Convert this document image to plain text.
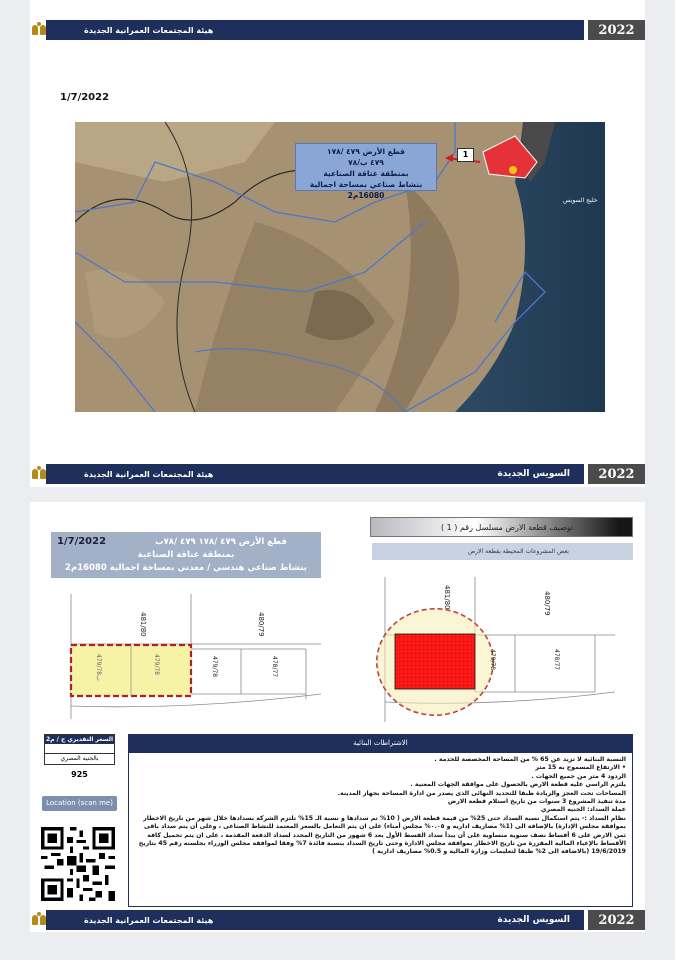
هيئة المجتمعات العمرانية الجديدة	2022
1/7/2022
خليج السويس
قطع الأرض ٤٧٩ /١٧٨
٤٧٩ ب/٧٨
بمنطقة عتاقة الصناعية
بنشاط صناعي بمساحة اجمالية 16080م2
1
هيئة المجتمعات العمرانية الجديدة	السويس الجديدة	2022
1/7/2022	قطع الأرض ٤٧٩ /١٧٨ ٤٧٩ /٧٨ب
بمنطقة عتاقة الصناعية
بنشاط صناعي هندسي / معدني بمساحة اجمالية 16080م2
توصيف قطعة الارض مسلسل رقم ( 1 )
بعض المشروعات المحيطة بقطعة الارض
481/80	480/79
479/78	478/77
479/78ب
479/78
481/80	480/79
479/78	478/77
السعر التقديري ج / م2
بالجنيه المصري
925
Location (scan me)
الاشتراطات البنائية

النسبة البنائية لا تزيد عن 65 % من المساحة المخصصة للخدمة .

• الارتفاع المسموح به 15 متر

الردود 4 متر من جميع الجهات .

يلتزم الراسي عليه قطعة الارض بالحصول على موافقة الجهات المعنية .

المساحات تحت العجز والزيادة طبقا للتحديد النهائى الذى يصدر من ادارة المساحة بجهاز المدينة.

مدة تنفيذ المشروع 3 سنوات من تاريخ استلام قطعة الارض

عملة السداد: الجنيه المصري

نظام السداد :- يتم استكمال نسبة السداد حتى 25% من قيمة قطعة الارض ( 10% تم سدادها و نسبة الـ 15% تلتزم الشركة بسدادها خلال شهر من تاريخ الاخطار بموافقة مجلس الإدارة) بالإضافة الى (1% مصاريف اداريه و ٠.٠٥% مجلس أمناء) على ان يتم التعامل بالسعر المعتمد للنشاط الصناعى ، وعلى أن يتم سداد باقى ثمن الارض على 6 أقساط نصف سنوية متساوية على أن يبدأ سداد القسط الأول بعد 6 شهور من التاريخ المحدد لسداد الدفعة المقدمة ، على ان يتم تحميل كافة الأقساط بالإعباء المالية المقررة من تاريخ الاخطار بموافقة مجلس الادارة وحتى تاريخ السداد بنسبة فائدة 7% وفقا لموافقة مجلس الوزراء بجلسته رقم 45 بتاريخ 19/6/2019 (بالاضافة الى 2% طبقا لتعليمات وزارة المالية و 0.5% مصاريف ادارية )

هيئة المجتمعات العمرانية الجديدة	السويس الجديدة	2022
